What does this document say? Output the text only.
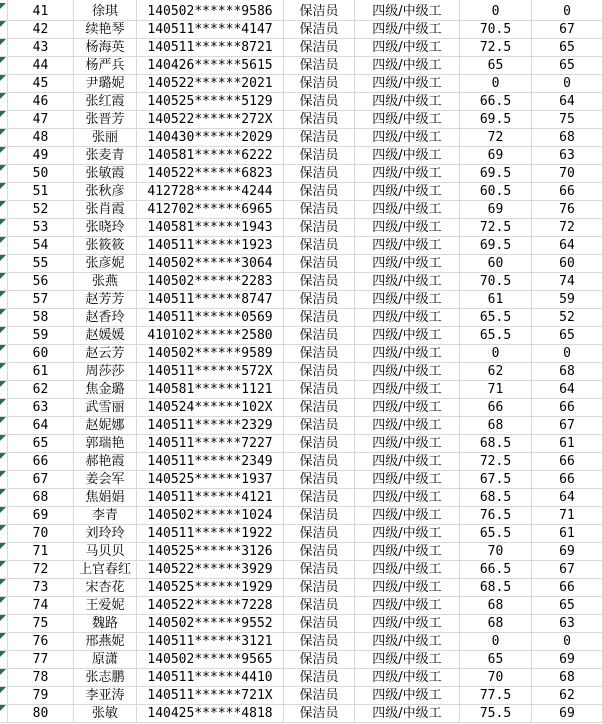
41	徐琪	140502******9586	保洁员	四级/中级工	0	0
42	续艳琴	140511******4147	保洁员	四级/中级工	70.5	67
43	杨海英	140511******8721	保洁员	四级/中级工	72.5	65
44	杨严兵	140426******5615	保洁员	四级/中级工	65	65
45	尹璐妮	140522******2021	保洁员	四级/中级工	0	0
46	张红霞	140525******5129	保洁员	四级/中级工	66.5	64
47	张晋芳	140522******272X	保洁员	四级/中级工	69.5	75
48	张丽	140430******2029	保洁员	四级/中级工	72	68
49	张麦青	140581******6222	保洁员	四级/中级工	69	63
50	张敏霞	140522******6823	保洁员	四级/中级工	69.5	70
51	张秋彦	412728******4244	保洁员	四级/中级工	60.5	66
52	张肖霞	412702******6965	保洁员	四级/中级工	69	76
53	张晓玲	140581******1943	保洁员	四级/中级工	72.5	72
54	张筱筱	140511******1923	保洁员	四级/中级工	69.5	64
55	张彦妮	140502******3064	保洁员	四级/中级工	60	60
56	张燕	140502******2283	保洁员	四级/中级工	70.5	74
57	赵芳芳	140511******8747	保洁员	四级/中级工	61	59
58	赵香玲	140511******0569	保洁员	四级/中级工	65.5	52
59	赵媛媛	410102******2580	保洁员	四级/中级工	65.5	65
60	赵云芳	140502******9589	保洁员	四级/中级工	0	0
61	周莎莎	140511******572X	保洁员	四级/中级工	62	68
62	焦金璐	140581******1121	保洁员	四级/中级工	71	64
63	武雪丽	140524******102X	保洁员	四级/中级工	66	66
64	赵妮娜	140511******2329	保洁员	四级/中级工	68	67
65	郭瑞艳	140511******7227	保洁员	四级/中级工	68.5	61
66	郝艳霞	140511******2349	保洁员	四级/中级工	72.5	66
67	姜会军	140525******1937	保洁员	四级/中级工	67.5	66
68	焦娟娟	140511******4121	保洁员	四级/中级工	68.5	64
69	李青	140502******1024	保洁员	四级/中级工	76.5	71
70	刘玲玲	140511******1922	保洁员	四级/中级工	65.5	61
71	马贝贝	140525******3126	保洁员	四级/中级工	70	69
72	上官春红	140522******3929	保洁员	四级/中级工	66.5	67
73	宋杏花	140525******1929	保洁员	四级/中级工	68.5	66
74	王爱妮	140522******7228	保洁员	四级/中级工	68	65
75	魏路	140502******9552	保洁员	四级/中级工	68	63
76	邢燕妮	140511******3121	保洁员	四级/中级工	0	0
77	原潇	140502******9565	保洁员	四级/中级工	65	69
78	张志鹏	140511******4410	保洁员	四级/中级工	70	68
79	李亚涛	140511******721X	保洁员	四级/中级工	77.5	62
80	张敏	140425******4818	保洁员	四级/中级工	75.5	69
